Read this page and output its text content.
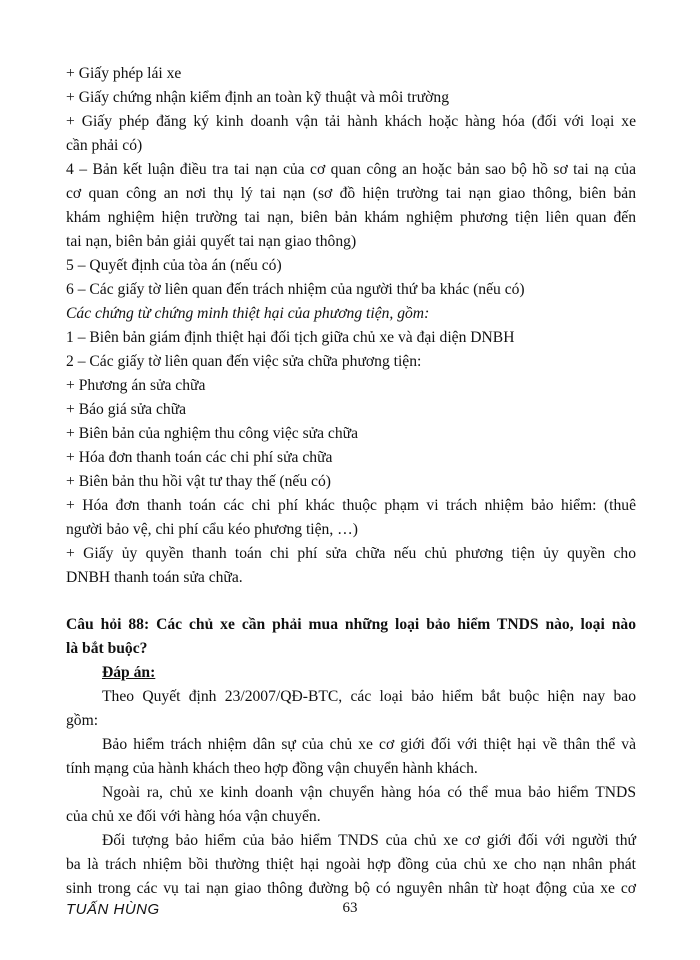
+ Giấy phép lái xe
+ Giấy chứng nhận kiểm định an toàn kỹ thuật và môi trường
+ Giấy phép đăng ký kinh doanh vận tải hành khách hoặc hàng hóa (đối với loại xe
cần phải có)
4 – Bản kết luận điều tra tai nạn của cơ quan công an hoặc bản sao bộ hồ sơ tai nạ của
cơ quan công an nơi thụ lý tai nạn (sơ đồ hiện trường tai nạn giao thông, biên bản
khám nghiệm hiện trường tai nạn, biên bản khám nghiệm phương tiện liên quan đến
tai nạn, biên bản giải quyết tai nạn giao thông)
5 – Quyết định của tòa án (nếu có)
6 – Các giấy tờ liên quan đến trách nhiệm của người thứ ba khác (nếu có)
Các chứng từ chứng minh thiệt hại của phương tiện, gồm:
1 – Biên bản giám định thiệt hại đối tịch giữa chủ xe và đại diện DNBH
2 – Các giấy tờ liên quan đến việc sửa chữa phương tiện:
+ Phương án sửa chữa
+ Báo giá sửa chữa
+ Biên bản của nghiệm thu công việc sửa chữa
+ Hóa đơn thanh toán các chi phí sửa chữa
+ Biên bản thu hồi vật tư thay thế (nếu có)
+ Hóa đơn thanh toán các chi phí khác thuộc phạm vi trách nhiệm bảo hiểm: (thuê
người bảo vệ, chi phí cẩu kéo phương tiện, …)
+ Giấy ủy quyền thanh toán chi phí sửa chữa nếu chủ phương tiện ủy quyền cho
DNBH thanh toán sửa chữa.
Câu hỏi 88: Các chủ xe cần phải mua những loại bảo hiểm TNDS nào, loại nào
là bắt buộc?
Đáp án:
Theo Quyết định 23/2007/QĐ-BTC, các loại bảo hiểm bắt buộc hiện nay bao
gồm:
Bảo hiểm trách nhiệm dân sự của chủ xe cơ giới đối với thiệt hại về thân thể và
tính mạng của hành khách theo hợp đồng vận chuyển hành khách.
Ngoài ra, chủ xe kinh doanh vận chuyển hàng hóa có thể mua bảo hiểm TNDS
của chủ xe đối với hàng hóa vận chuyển.
Đối tượng bảo hiểm của bảo hiểm TNDS của chủ xe cơ giới đối với người thứ
ba là trách nhiệm bồi thường thiệt hại ngoài hợp đồng của chủ xe cho nạn nhân phát
sinh trong các vụ tai nạn giao thông đường bộ có nguyên nhân từ hoạt động của xe cơ
TUẤN HÙNG	63
